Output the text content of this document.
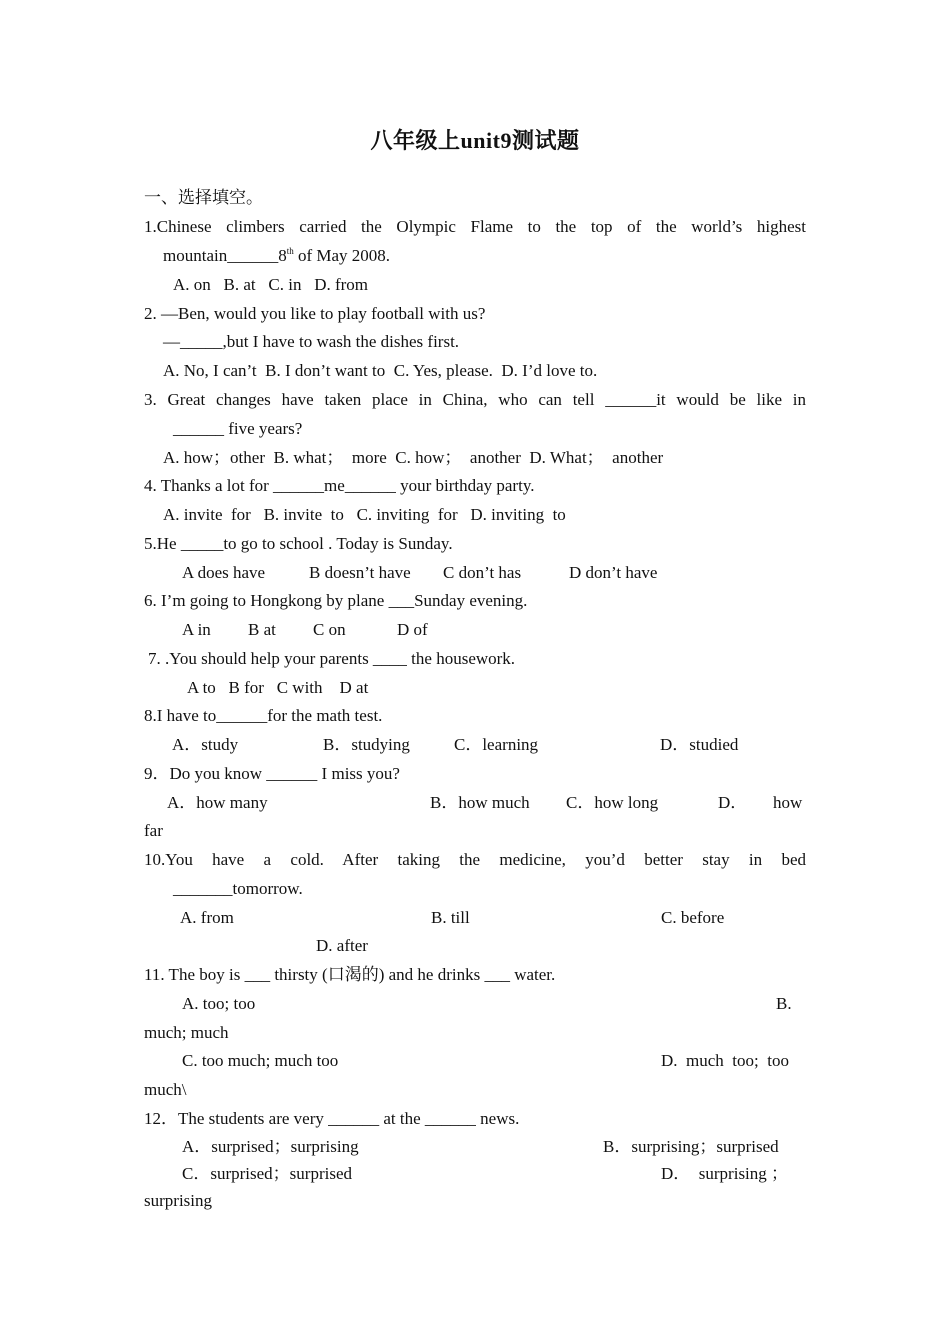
八年级上unit9测试题
一、选择填空。
1.Chinese climbers carried the Olympic Flame to the top of the world’s highest
mountain______8th of May 2008.
A. on   B. at   C. in   D. from
2. —Ben, would you like to play football with us?
—_____,but I have to wash the dishes first.
A. No, I can’t  B. I don’t want to  C. Yes, please.  D. I’d love to.
3. Great changes have taken place in China, who can tell ______it would be like in
______ five years?
A. how；other  B. what；  more  C. how；  another  D. What；  another
4. Thanks a lot for ______me______ your birthday party.
A. invite  for   B. invite  to   C. inviting  for   D. inviting  to
5.He _____to go to school . Today is Sunday.
A does have	B doesn’t have C don’t has	D don’t have
6. I’m going to Hongkong by plane ___Sunday evening.
A in B at C on	D of
7. .You should help your parents ____ the housework.
A to   B for   C with    D at
8.I have to______for the math test.
A．study	B．studying	C．learning	D．studied
9．Do you know ______ I miss you?
A．how many	B．how much C．how long	D． how
far
10.You have a cold. After taking the medicine, you’d better stay in bed
_______tomorrow.
A. from	B. till	C. before
D. after
11. The boy is ___ thirsty (口渴的) and he drinks ___ water.
A. too; too	B.
much; much
C. too much; much too	D.  much  too;  too
much\
12．The students are very ______ at the ______ news.
A．surprised；surprising	B．surprising；surprised
C．surprised；surprised	D．  surprising ；
surprising
